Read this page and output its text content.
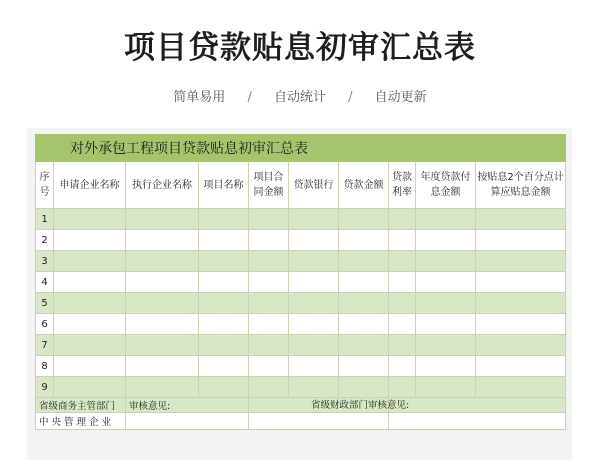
项目贷款贴息初审汇总表
简单易用 / 自动统计 / 自动更新
对外承包工程项目贷款贴息初审汇总表									
序号	申请企业名称	执行企业名称	项目名称	项目合同金额	贷款银行	贷款金额	贷款利率	年度贷款付息金额	按贴息2个百分点计算应贴息金额
1									
2									
3									
4									
5									
6									
7									
8									
9									
省级商务主管部门		审核意见:					省级财政部门审核意见:		

中 央 管 理 企 业									
